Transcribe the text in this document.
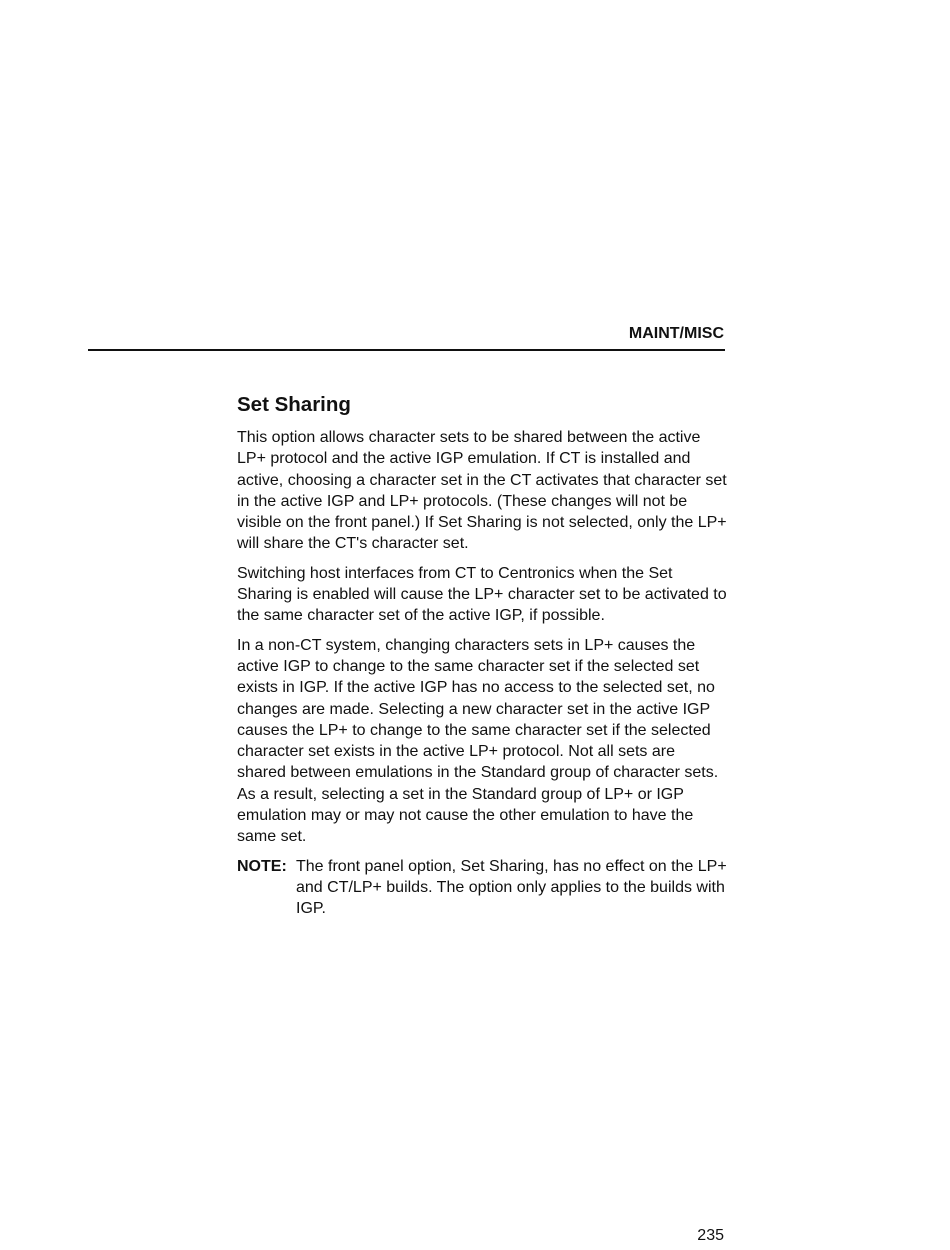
MAINT/MISC
Set Sharing

This option allows character sets to be shared between the active LP+ protocol and the active IGP emulation. If CT is installed and active, choosing a character set in the CT activates that character set in the active IGP and LP+ protocols. (These changes will not be visible on the front panel.) If Set Sharing is not selected, only the LP+ will share the CT's character set.

Switching host interfaces from CT to Centronics when the Set Sharing is enabled will cause the LP+ character set to be activated to the same character set of the active IGP, if possible.

In a non-CT system, changing characters sets in LP+ causes the active IGP to change to the same character set if the selected set exists in IGP. If the active IGP has no access to the selected set, no changes are made. Selecting a new character set in the active IGP causes the LP+ to change to the same character set if the selected character set exists in the active LP+ protocol. Not all sets are shared between emulations in the Standard group of character sets. As a result, selecting a set in the Standard group of LP+ or IGP emulation may or may not cause the other emulation to have the same set.

NOTE: The front panel option, Set Sharing, has no effect on the LP+ and CT/LP+ builds. The option only applies to the builds with IGP.
235
